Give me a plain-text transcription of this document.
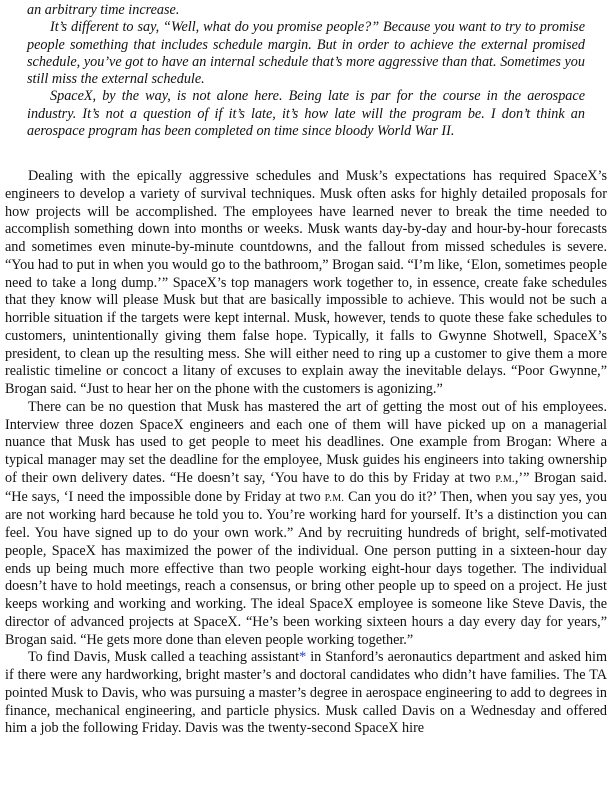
an arbitrary time increase.

It’s different to say, “Well, what do you promise people?” Because you want to try to promise people something that includes schedule margin. But in order to achieve the external promised schedule, you’ve got to have an internal schedule that’s more aggressive than that. Sometimes you still miss the external schedule.

SpaceX, by the way, is not alone here. Being late is par for the course in the aerospace industry. It’s not a question of if it’s late, it’s how late will the program be. I don’t think an aerospace program has been completed on time since bloody World War II.

Dealing with the epically aggressive schedules and Musk’s expectations has required SpaceX’s engineers to develop a variety of survival techniques. Musk often asks for highly detailed proposals for how projects will be accomplished. The employees have learned never to break the time needed to accomplish something down into months or weeks. Musk wants day-by-day and hour-by-hour forecasts and sometimes even minute-by-minute countdowns, and the fallout from missed schedules is severe. “You had to put in when you would go to the bathroom,” Brogan said. “I’m like, ‘Elon, sometimes people need to take a long dump.’” SpaceX’s top managers work together to, in essence, create fake schedules that they know will please Musk but that are basically impossible to achieve. This would not be such a horrible situation if the targets were kept internal. Musk, however, tends to quote these fake schedules to customers, unintentionally giving them false hope. Typically, it falls to Gwynne Shotwell, SpaceX’s president, to clean up the resulting mess. She will either need to ring up a customer to give them a more realistic timeline or concoct a litany of excuses to explain away the inevitable delays. “Poor Gwynne,” Brogan said. “Just to hear her on the phone with the customers is agonizing.”

There can be no question that Musk has mastered the art of getting the most out of his employees. Interview three dozen SpaceX engineers and each one of them will have picked up on a managerial nuance that Musk has used to get people to meet his deadlines. One example from Brogan: Where a typical manager may set the deadline for the employee, Musk guides his engineers into taking ownership of their own delivery dates. “He doesn’t say, ‘You have to do this by Friday at two P.M.,’” Brogan said. “He says, ‘I need the impossible done by Friday at two P.M. Can you do it?’ Then, when you say yes, you are not working hard because he told you to. You’re working hard for yourself. It’s a distinction you can feel. You have signed up to do your own work.” And by recruiting hundreds of bright, self-motivated people, SpaceX has maximized the power of the individual. One person putting in a sixteen-hour day ends up being much more effective than two people working eight-hour days together. The individual doesn’t have to hold meetings, reach a consensus, or bring other people up to speed on a project. He just keeps working and working and working. The ideal SpaceX employee is someone like Steve Davis, the director of advanced projects at SpaceX. “He’s been working sixteen hours a day every day for years,” Brogan said. “He gets more done than eleven people working together.”

To find Davis, Musk called a teaching assistant* in Stanford’s aeronautics department and asked him if there were any hardworking, bright master’s and doctoral candidates who didn’t have families. The TA pointed Musk to Davis, who was pursuing a master’s degree in aerospace engineering to add to degrees in finance, mechanical engineering, and particle physics. Musk called Davis on a Wednesday and offered him a job the following Friday. Davis was the twenty-second SpaceX hire
